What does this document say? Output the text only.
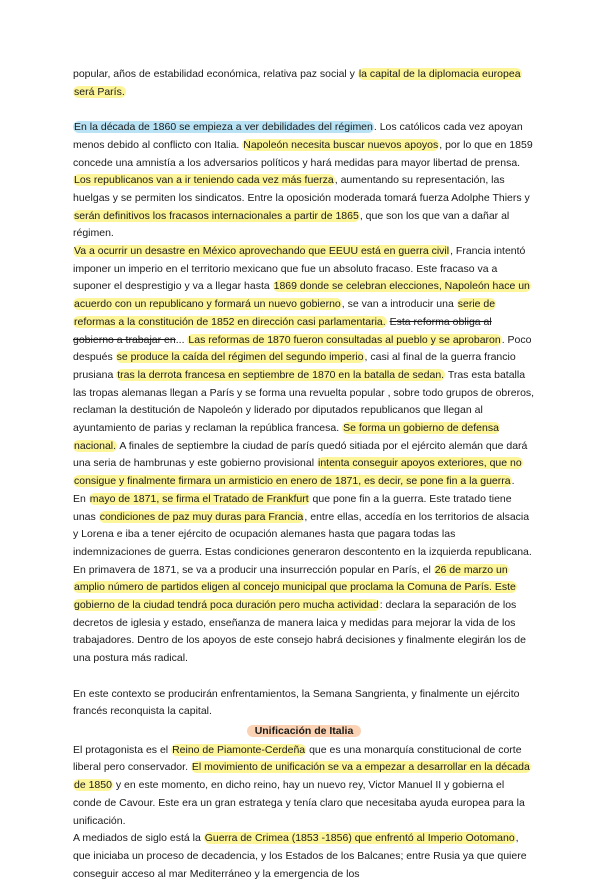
popular, años de estabilidad económica, relativa paz social y la capital de la diplomacia europea será París.

En la década de 1860 se empieza a ver debilidades del régimen. Los católicos cada vez apoyan menos debido al conflicto con Italia. Napoleón necesita buscar nuevos apoyos, por lo que en 1859 concede una amnistía a los adversarios políticos y hará medidas para mayor libertad de prensa. Los republicanos van a ir teniendo cada vez más fuerza, aumentando su representación, las huelgas y se permiten los sindicatos. Entre la oposición moderada tomará fuerza Adolphe Thiers y serán definitivos los fracasos internacionales a partir de 1865, que son los que van a dañar al régimen.

Va a ocurrir un desastre en México aprovechando que EEUU está en guerra civil, Francia intentó imponer un imperio en el territorio mexicano que fue un absoluto fracaso. Este fracaso va a suponer el desprestigio y va a llegar hasta 1869 donde se celebran elecciones, Napoleón hace un acuerdo con un republicano y formará un nuevo gobierno, se van a introducir una serie de reformas a la constitución de 1852 en dirección casi parlamentaria. Esta reforma obliga al gobierno a trabajar en... Las reformas de 1870 fueron consultadas al pueblo y se aprobaron. Poco después se produce la caída del régimen del segundo imperio, casi al final de la guerra francio prusiana tras la derrota francesa en septiembre de 1870 en la batalla de sedan. Tras esta batalla las tropas alemanas llegan a París y se forma una revuelta popular , sobre todo grupos de obreros, reclaman la destitución de Napoleón y liderado por diputados republicanos que llegan al ayuntamiento de parias y reclaman la república francesa. Se forma un gobierno de defensa nacional. A finales de septiembre la ciudad de parís quedó sitiada por el ejército alemán que dará una seria de hambrunas y este gobierno provisional intenta conseguir apoyos exteriores, que no consigue y finalmente firmara un armisticio en enero de 1871, es decir, se pone fin a la guerra.

En mayo de 1871, se firma el Tratado de Frankfurt que pone fin a la guerra. Este tratado tiene unas condiciones de paz muy duras para Francia, entre ellas, accedía en los territorios de alsacia y Lorena e iba a tener ejército de ocupación alemanes hasta que pagara todas las indemnizaciones de guerra. Estas condiciones generaron descontento en la izquierda republicana. En primavera de 1871, se va a producir una insurrección popular en París, el 26 de marzo un amplio número de partidos eligen al concejo municipal que proclama la Comuna de París. Este gobierno de la ciudad tendrá poca duración pero mucha actividad: declara la separación de los decretos de iglesia y estado, enseñanza de manera laica y medidas para mejorar la vida de los trabajadores. Dentro de los apoyos de este consejo habrá decisiones y finalmente elegirán los de una postura más radical.

En este contexto se producirán enfrentamientos, la Semana Sangrienta, y finalmente un ejército francés reconquista la capital.

Unificación de Italia

El protagonista es el Reino de Piamonte-Cerdeña que es una monarquía constitucional de corte liberal pero conservador. El movimiento de unificación se va a empezar a desarrollar en la década de 1850 y en este momento, en dicho reino, hay un nuevo rey, Victor Manuel II y gobierna el conde de Cavour. Este era un gran estratega y tenía claro que necesitaba ayuda europea para la unificación.

A mediados de siglo está la Guerra de Crimea (1853 -1856) que enfrentó al Imperio Ootomano, que iniciaba un proceso de decadencia, y los Estados de los Balcanes; entre Rusia ya que quiere conseguir acceso al mar Mediterráneo y la emergencia de los
